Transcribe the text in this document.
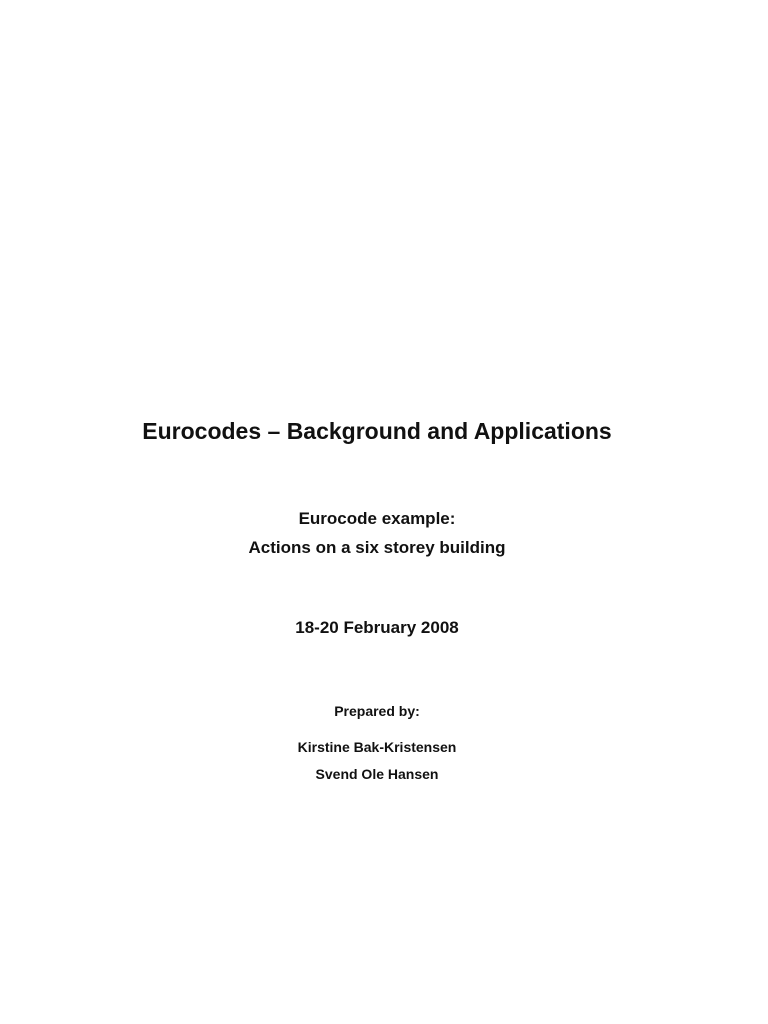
Eurocodes – Background and Applications
Eurocode example:
Actions on a six storey building
18-20 February 2008
Prepared by:
Kirstine Bak-Kristensen
Svend Ole Hansen
